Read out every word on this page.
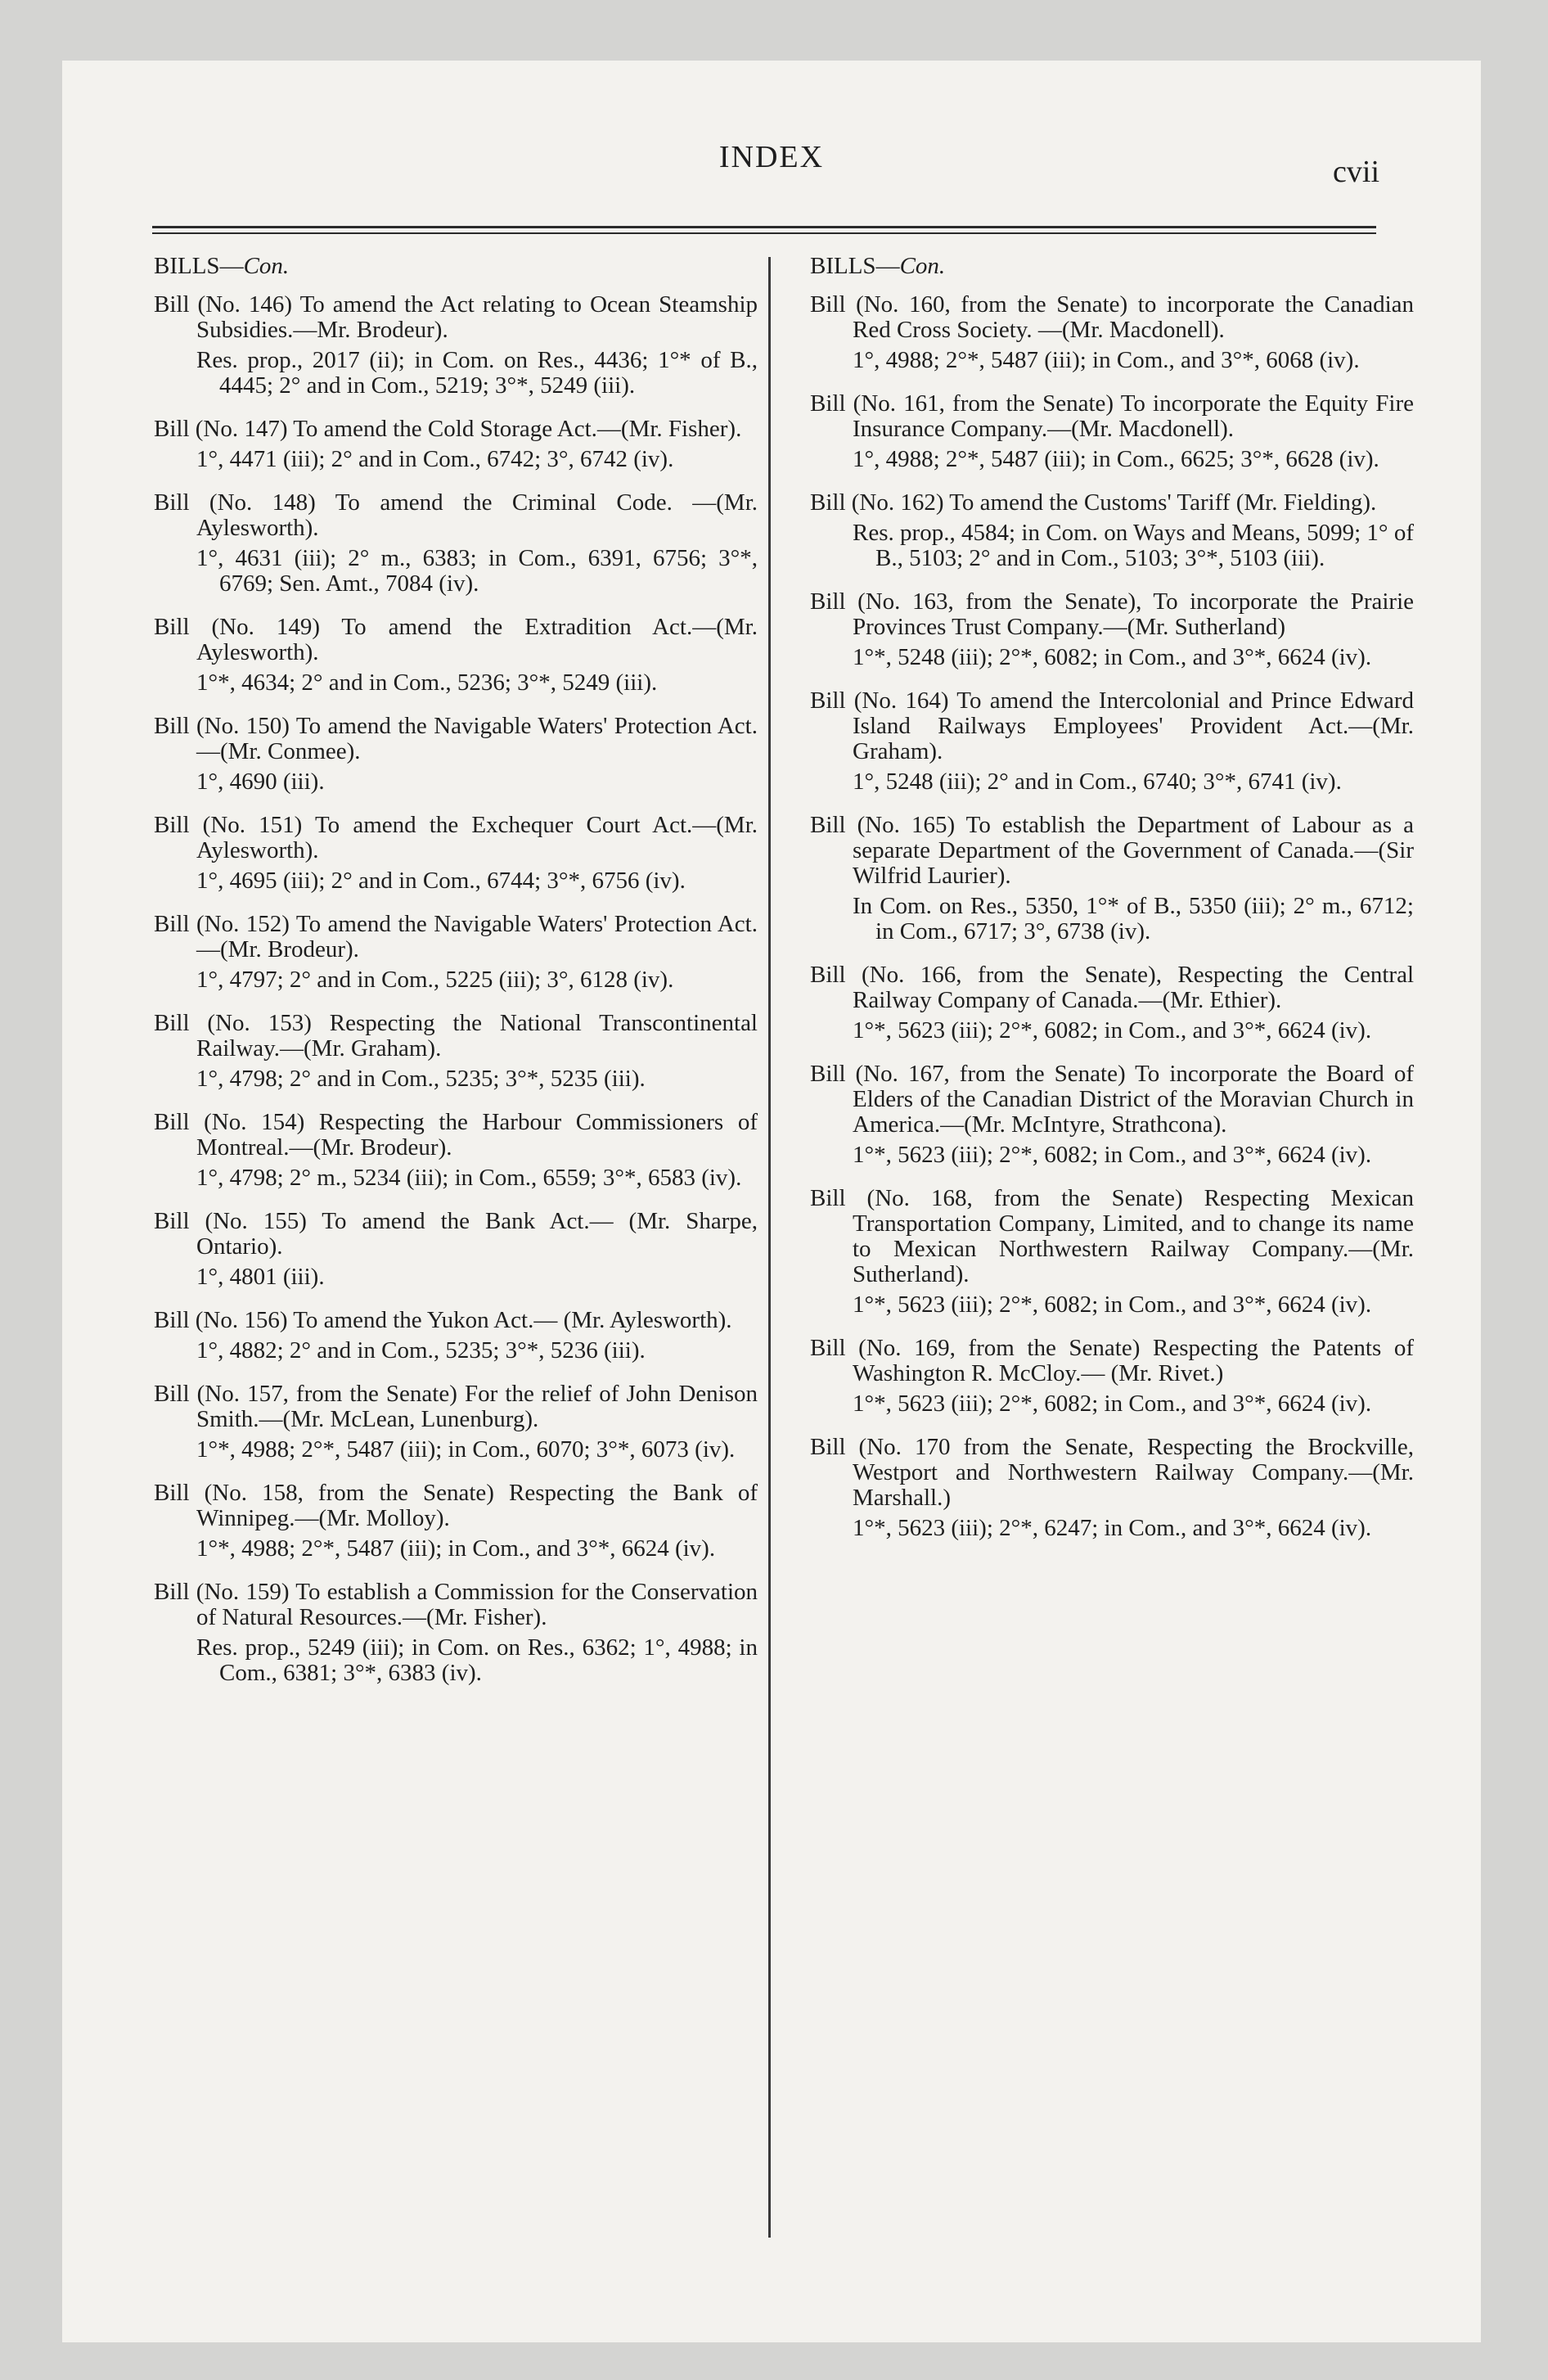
INDEX	cvii
BILLS—Con.

Bill (No. 146) To amend the Act relating to Ocean Steamship Subsidies.—Mr. Brodeur).

Res. prop., 2017 (ii); in Com. on Res., 4436; 1°* of B., 4445; 2° and in Com., 5219; 3°*, 5249 (iii).

Bill (No. 147) To amend the Cold Storage Act.—(Mr. Fisher).

1°, 4471 (iii); 2° and in Com., 6742; 3°, 6742 (iv).

Bill (No. 148) To amend the Criminal Code. —(Mr. Aylesworth).

1°, 4631 (iii); 2° m., 6383; in Com., 6391, 6756; 3°*, 6769; Sen. Amt., 7084 (iv).

Bill (No. 149) To amend the Extradition Act.—(Mr. Aylesworth).

1°*, 4634; 2° and in Com., 5236; 3°*, 5249 (iii).

Bill (No. 150) To amend the Navigable Waters' Protection Act.—(Mr. Conmee).

1°, 4690 (iii).

Bill (No. 151) To amend the Exchequer Court Act.—(Mr. Aylesworth).

1°, 4695 (iii); 2° and in Com., 6744; 3°*, 6756 (iv).

Bill (No. 152) To amend the Navigable Waters' Protection Act.—(Mr. Brodeur).

1°, 4797; 2° and in Com., 5225 (iii); 3°, 6128 (iv).

Bill (No. 153) Respecting the National Transcontinental Railway.—(Mr. Graham).

1°, 4798; 2° and in Com., 5235; 3°*, 5235 (iii).

Bill (No. 154) Respecting the Harbour Commissioners of Montreal.—(Mr. Brodeur).

1°, 4798; 2° m., 5234 (iii); in Com., 6559; 3°*, 6583 (iv).

Bill (No. 155) To amend the Bank Act.— (Mr. Sharpe, Ontario).

1°, 4801 (iii).

Bill (No. 156) To amend the Yukon Act.— (Mr. Aylesworth).

1°, 4882; 2° and in Com., 5235; 3°*, 5236 (iii).

Bill (No. 157, from the Senate) For the relief of John Denison Smith.—(Mr. McLean, Lunenburg).

1°*, 4988; 2°*, 5487 (iii); in Com., 6070; 3°*, 6073 (iv).

Bill (No. 158, from the Senate) Respecting the Bank of Winnipeg.—(Mr. Molloy).

1°*, 4988; 2°*, 5487 (iii); in Com., and 3°*, 6624 (iv).

Bill (No. 159) To establish a Commission for the Conservation of Natural Resources.—(Mr. Fisher).

Res. prop., 5249 (iii); in Com. on Res., 6362; 1°, 4988; in Com., 6381; 3°*, 6383 (iv).

BILLS—Con.

Bill (No. 160, from the Senate) to incorporate the Canadian Red Cross Society. —(Mr. Macdonell).

1°, 4988; 2°*, 5487 (iii); in Com., and 3°*, 6068 (iv).

Bill (No. 161, from the Senate) To incorporate the Equity Fire Insurance Company.—(Mr. Macdonell).

1°, 4988; 2°*, 5487 (iii); in Com., 6625; 3°*, 6628 (iv).

Bill (No. 162) To amend the Customs' Tariff (Mr. Fielding).

Res. prop., 4584; in Com. on Ways and Means, 5099; 1° of B., 5103; 2° and in Com., 5103; 3°*, 5103 (iii).

Bill (No. 163, from the Senate), To incorporate the Prairie Provinces Trust Company.—(Mr. Sutherland)

1°*, 5248 (iii); 2°*, 6082; in Com., and 3°*, 6624 (iv).

Bill (No. 164) To amend the Intercolonial and Prince Edward Island Railways Employees' Provident Act.—(Mr. Graham).

1°, 5248 (iii); 2° and in Com., 6740; 3°*, 6741 (iv).

Bill (No. 165) To establish the Department of Labour as a separate Department of the Government of Canada.—(Sir Wilfrid Laurier).

In Com. on Res., 5350, 1°* of B., 5350 (iii); 2° m., 6712; in Com., 6717; 3°, 6738 (iv).

Bill (No. 166, from the Senate), Respecting the Central Railway Company of Canada.—(Mr. Ethier).

1°*, 5623 (iii); 2°*, 6082; in Com., and 3°*, 6624 (iv).

Bill (No. 167, from the Senate) To incorporate the Board of Elders of the Canadian District of the Moravian Church in America.—(Mr. McIntyre, Strathcona).

1°*, 5623 (iii); 2°*, 6082; in Com., and 3°*, 6624 (iv).

Bill (No. 168, from the Senate) Respecting Mexican Transportation Company, Limited, and to change its name to Mexican Northwestern Railway Company.—(Mr. Sutherland).

1°*, 5623 (iii); 2°*, 6082; in Com., and 3°*, 6624 (iv).

Bill (No. 169, from the Senate) Respecting the Patents of Washington R. McCloy.— (Mr. Rivet.)

1°*, 5623 (iii); 2°*, 6082; in Com., and 3°*, 6624 (iv).

Bill (No. 170 from the Senate, Respecting the Brockville, Westport and Northwestern Railway Company.—(Mr. Marshall.)

1°*, 5623 (iii); 2°*, 6247; in Com., and 3°*, 6624 (iv).
